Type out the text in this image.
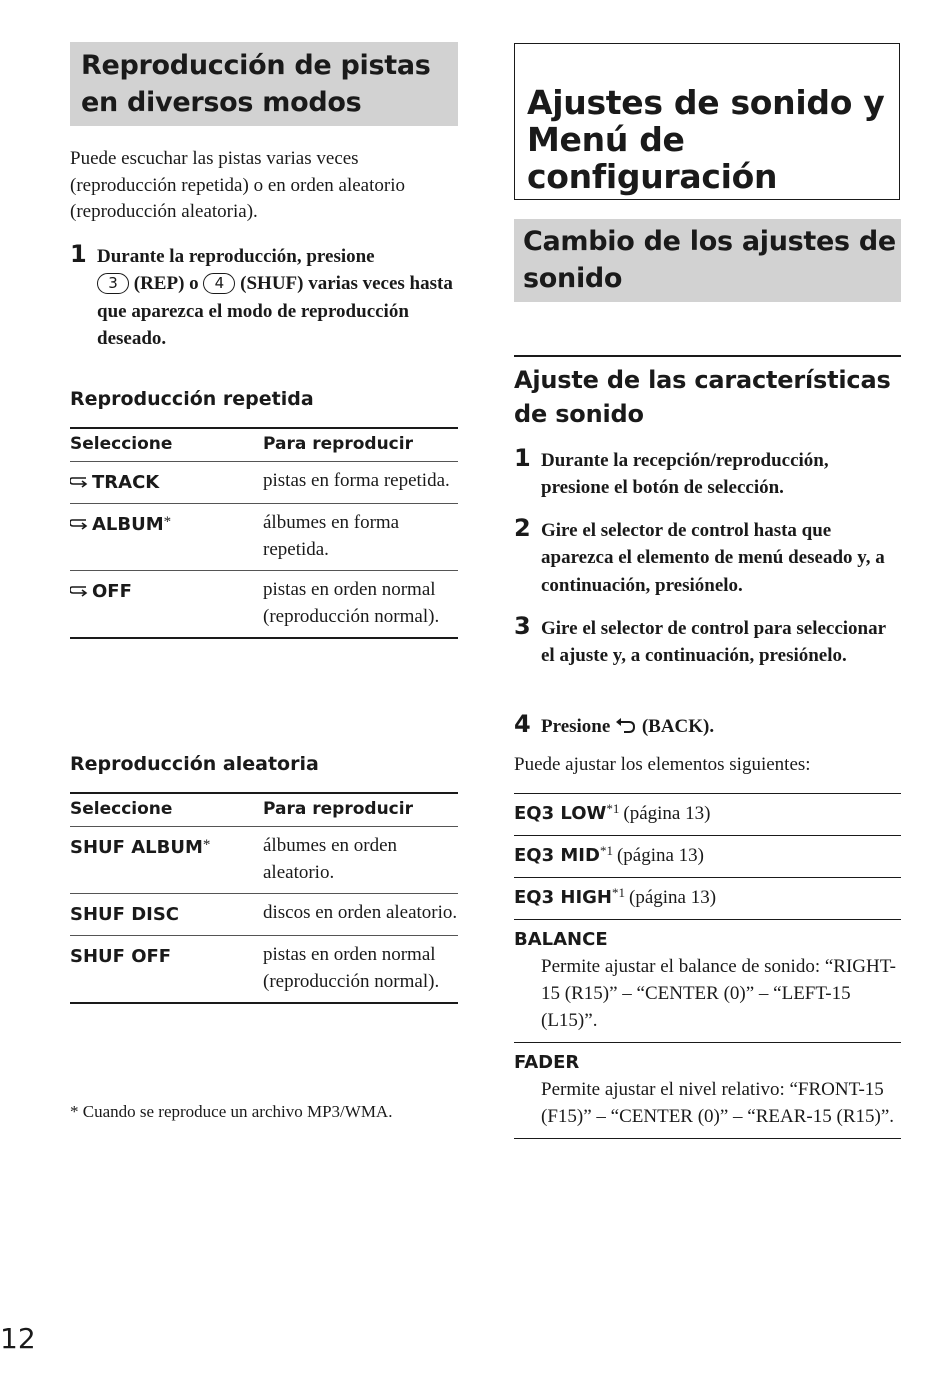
Reproducción de pistas en diversos modos

Puede escuchar las pistas varias veces (reproducción repetida) o en orden aleatorio (reproducción aleatoria).

1 Durante la reproducción, presione
3 (REP) o 4 (SHUF) varias veces hasta que aparezca el modo de reproducción deseado.
Reproducción repetida
Seleccione	Para reproducir
TRACK	pistas en forma repetida.
ALBUM*	álbumes en forma repetida.
OFF	pistas en orden normal (reproducción normal).
Reproducción aleatoria
Seleccione	Para reproducir
SHUF ALBUM*	álbumes en orden aleatorio.
SHUF DISC	discos en orden aleatorio.
SHUF OFF	pistas en orden normal (reproducción normal).

* Cuando se reproduce un archivo MP3/WMA.

Ajustes de sonido y Menú de configuración
Cambio de los ajustes de sonido
Ajuste de las características de sonido
1 Durante la recepción/reproducción, presione el botón de selección.
2 Gire el selector de control hasta que aparezca el elemento de menú deseado y, a continuación, presiónelo.
3 Gire el selector de control para seleccionar el ajuste y, a continuación, presiónelo.
4 Presione (BACK).

Puede ajustar los elementos siguientes:

EQ3 LOW$^{*1}$ (página 13)
EQ3 MID$^{*1}$ (página 13)
EQ3 HIGH$^{*1}$ (página 13)
BALANCE
Permite ajustar el balance de sonido: “RIGHT-15 (R15)” – “CENTER (0)” – “LEFT-15 (L15)”.
FADER
Permite ajustar el nivel relativo: “FRONT-15 (F15)” – “CENTER (0)” – “REAR-15 (R15)”.
12
